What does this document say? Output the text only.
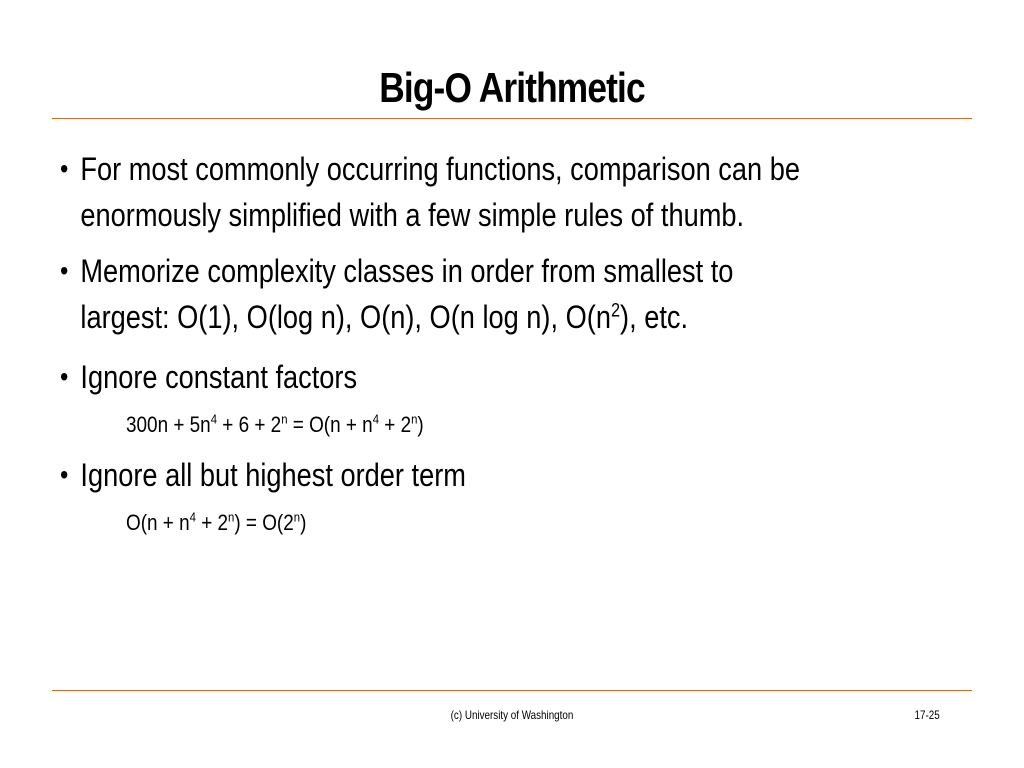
Big-O Arithmetic
• For most commonly occurring functions, comparison can be
enormously simplified with a few simple rules of thumb.
• Memorize complexity classes in order from smallest to
largest: O(1), O(log n), O(n), O(n log n), $O(n^2)$, etc.
• Ignore constant factors
$300n + 5n^4 + 6 + 2^n = O(n + n^4 + 2^n)$
• Ignore all but highest order term
$O(n + n^4 + 2^n) = O(2^n)$
(c) University of Washington	17-25
